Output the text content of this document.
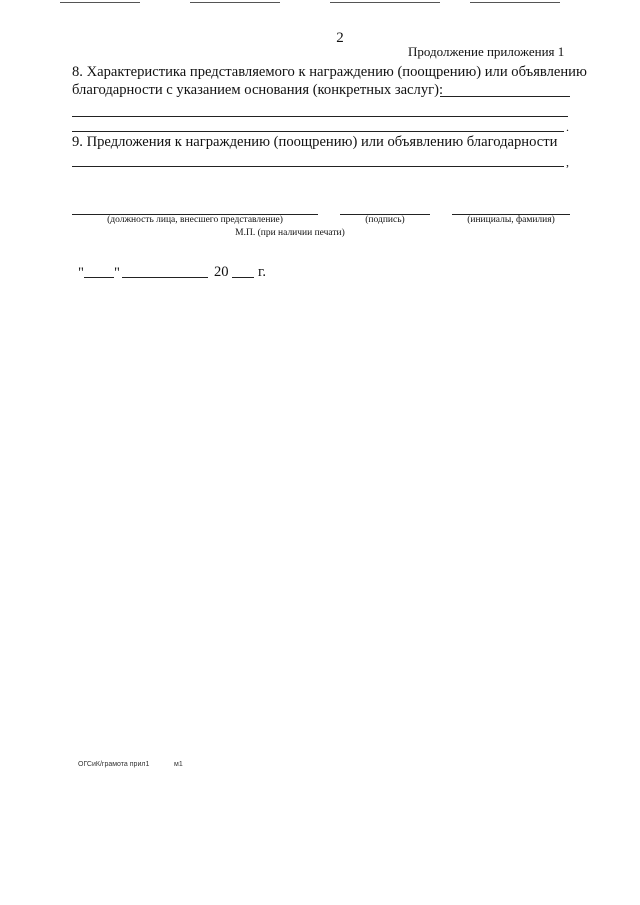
2
Продолжение приложения 1
8. Характеристика представляемого к награждению (поощрению) или объявлению
благодарности с указанием основания (конкретных заслуг):
.
9. Предложения к награждению (поощрению) или объявлению благодарности
,
(должность лица, внесшего представление)	(подпись)	(инициалы, фамилия)
М.П. (при наличии печати)
" "	20 г.
ОГСиК/грамота прил1	м1
